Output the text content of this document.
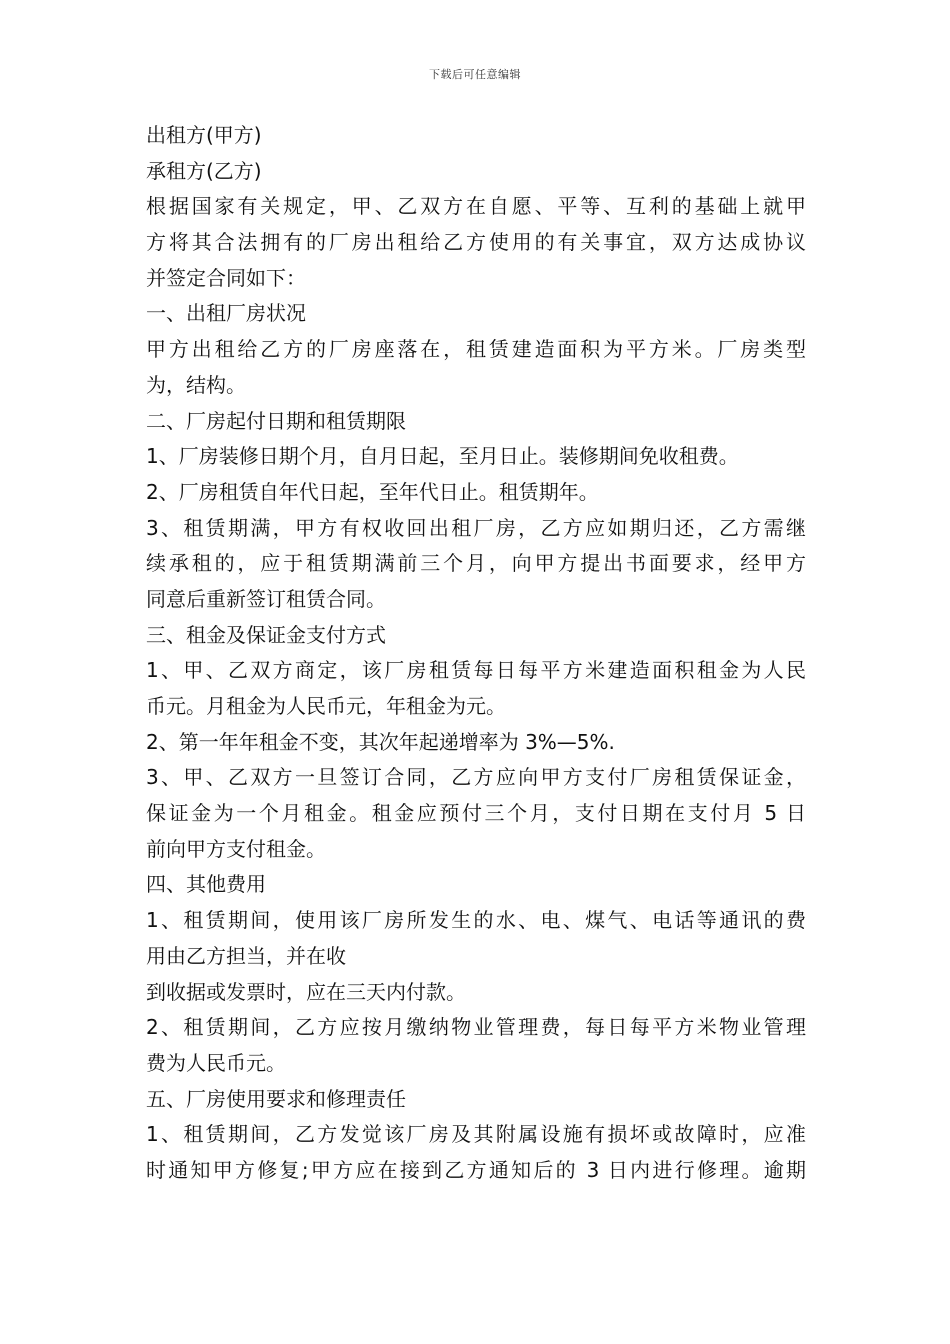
下载后可任意编辑
出租方(甲方)
承租方(乙方)
根据国家有关规定，甲、乙双方在自愿、平等、互利的基础上就甲
方将其合法拥有的厂房出租给乙方使用的有关事宜，双方达成协议
并签定合同如下：
一、出租厂房状况
甲方出租给乙方的厂房座落在，租赁建造面积为平方米。厂房类型
为，结构。
二、厂房起付日期和租赁期限
1、厂房装修日期个月，自月日起，至月日止。装修期间免收租费。
2、厂房租赁自年代日起，至年代日止。租赁期年。
3、租赁期满，甲方有权收回出租厂房，乙方应如期归还，乙方需继
续承租的，应于租赁期满前三个月，向甲方提出书面要求，经甲方
同意后重新签订租赁合同。
三、租金及保证金支付方式
1、甲、乙双方商定，该厂房租赁每日每平方米建造面积租金为人民
币元。月租金为人民币元，年租金为元。
2、第一年年租金不变，其次年起递增率为 3%—5%.
3、甲、乙双方一旦签订合同，乙方应向甲方支付厂房租赁保证金，
保证金为一个月租金。租金应预付三个月，支付日期在支付月 5 日
前向甲方支付租金。
四、其他费用
1、租赁期间，使用该厂房所发生的水、电、煤气、电话等通讯的费
用由乙方担当，并在收
到收据或发票时，应在三天内付款。
2、租赁期间，乙方应按月缴纳物业管理费，每日每平方米物业管理
费为人民币元。
五、厂房使用要求和修理责任
1、租赁期间，乙方发觉该厂房及其附属设施有损坏或故障时，应准
时通知甲方修复;甲方应在接到乙方通知后的 3 日内进行修理。逾期
